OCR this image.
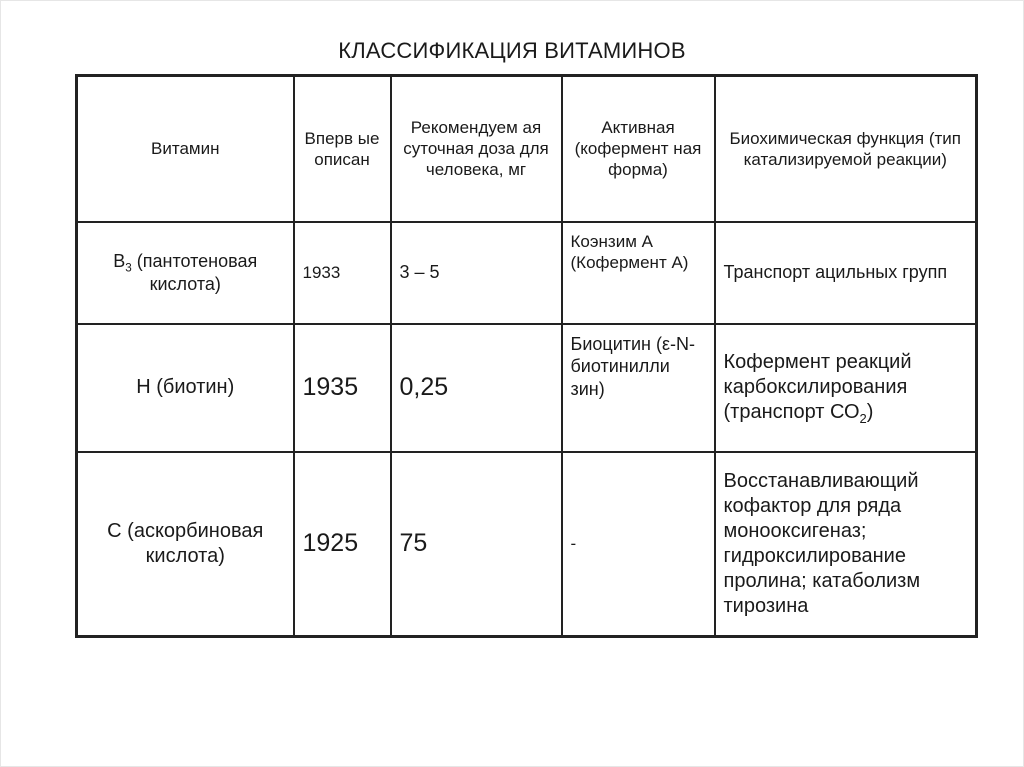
КЛАССИФИКАЦИЯ ВИТАМИНОВ
Витамин	Вперв ые описан	Рекомендуем ая суточная доза для человека, мг	Активная (кофермент ная форма)	Биохимическая функция (тип катализируемой реакции)
$B_3$ (пантотеновая кислота)	1933	3 – 5	Коэнзим А (Кофермент А)	Транспорт ацильных групп
Н (биотин)	1935	0,25	Биоцитин (ε-N-биотинилли зин)	Кофермент реакций карбоксилирования (транспорт $СО_2$)
С (аскорбиновая кислота)	1925	75	-	Восстанавливающий кофактор для ряда монооксигеназ; гидроксилирование пролина; катаболизм тирозина
